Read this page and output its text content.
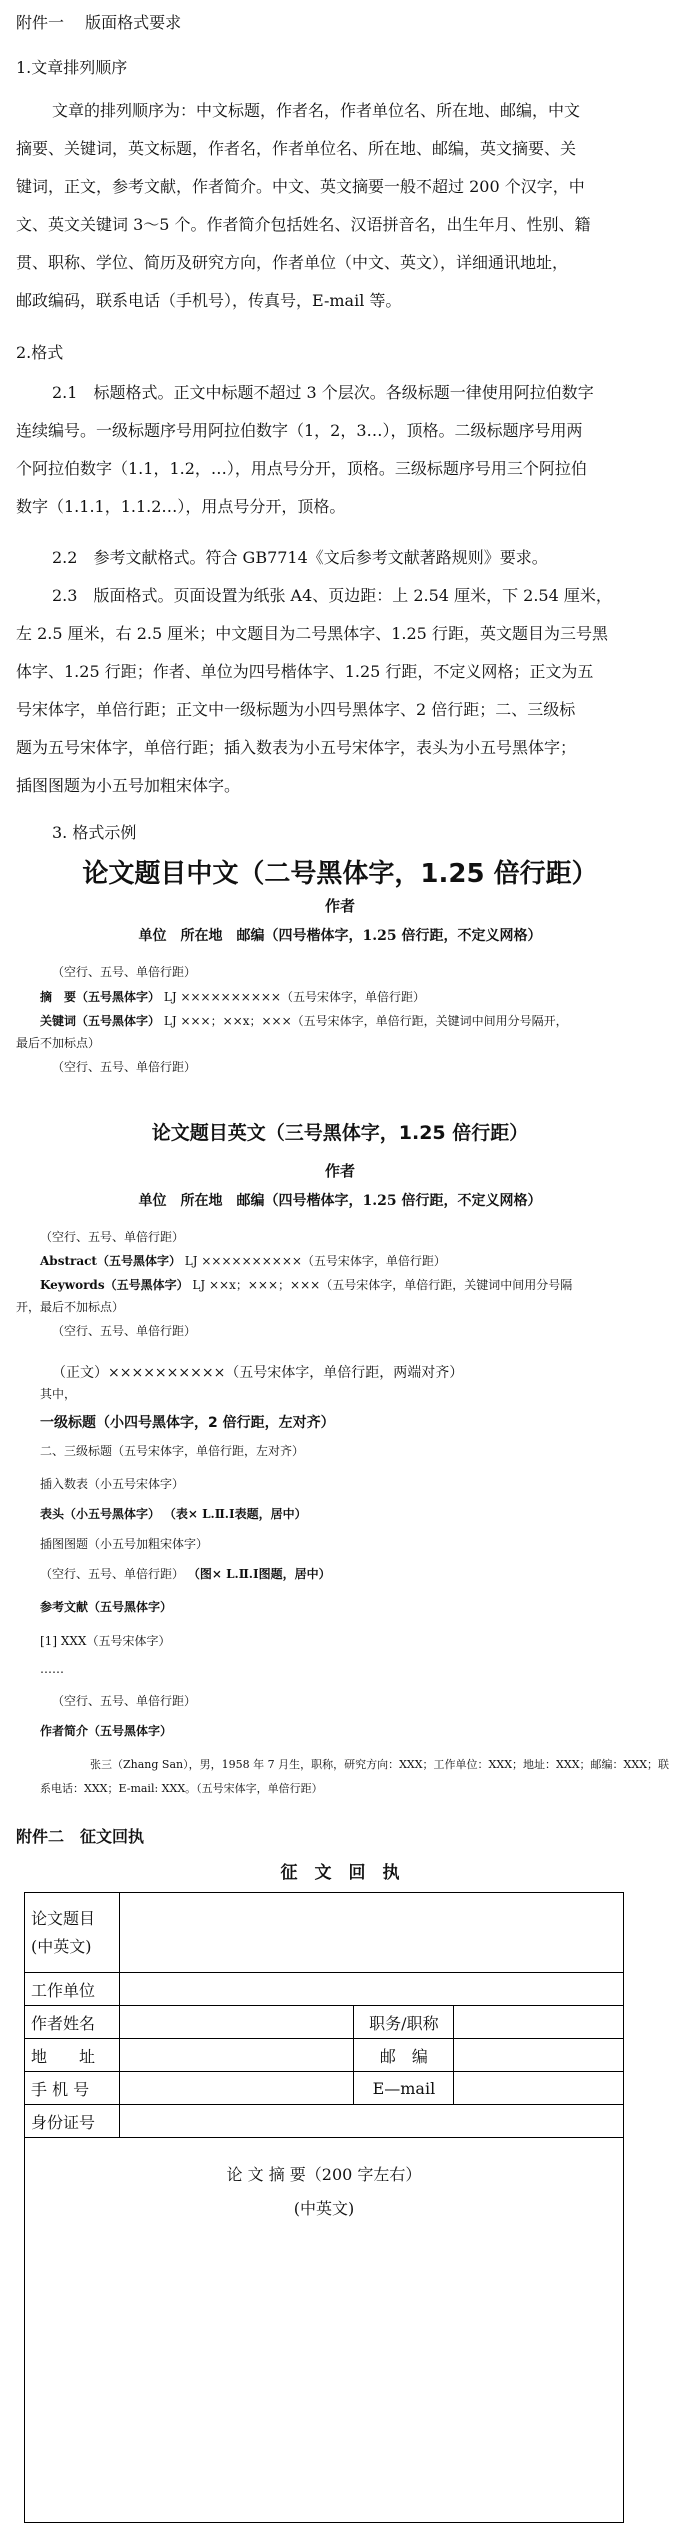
附件一　 版面格式要求
1.文章排列顺序
文章的排列顺序为：中文标题，作者名，作者单位名、所在地、邮编，中文
摘要、关键词，英文标题，作者名，作者单位名、所在地、邮编，英文摘要、关
键词，正文，参考文献，作者简介。中文、英文摘要一般不超过 200 个汉字，中
文、英文关键词 3～5 个。作者简介包括姓名、汉语拼音名，出生年月、性别、籍
贯、职称、学位、简历及研究方向，作者单位（中文、英文），详细通讯地址，
邮政编码，联系电话（手机号），传真号，E-mail 等。
2.格式
2.1　标题格式。正文中标题不超过 3 个层次。各级标题一律使用阿拉伯数字
连续编号。一级标题序号用阿拉伯数字（1，2，3…），顶格。二级标题序号用两
个阿拉伯数字（1.1，1.2，…），用点号分开，顶格。三级标题序号用三个阿拉伯
数字（1.1.1，1.1.2…），用点号分开，顶格。
2.2　参考文献格式。符合 GB7714《文后参考文献著路规则》要求。
2.3　版面格式。页面设置为纸张 A4、页边距：上 2.54 厘米，下 2.54 厘米，
左 2.5 厘米，右 2.5 厘米；中文题目为二号黑体字、1.25 行距，英文题目为三号黑
体字、1.25 行距；作者、单位为四号楷体字、1.25 行距，不定义网格；正文为五
号宋体字，单倍行距；正文中一级标题为小四号黑体字、2 倍行距；二、三级标
题为五号宋体字，单倍行距；插入数表为小五号宋体字，表头为小五号黑体字；
插图图题为小五号加粗宋体字。
3. 格式示例
论文题目中文（二号黑体字，1.25 倍行距）
作者
单位　所在地　邮编（四号楷体字，1.25 倍行距，不定义网格）
（空行、五号、单倍行距）
摘　要（五号黑体字） LJ ××××××××××（五号宋体字，单倍行距）
关键词（五号黑体字） LJ ×××；××ⅹ；×××（五号宋体字，单倍行距，关键词中间用分号隔开，
最后不加标点）
（空行、五号、单倍行距）
论文题目英文（三号黑体字，1.25 倍行距）
作者
单位　所在地　邮编（四号楷体字，1.25 倍行距，不定义网格）
（空行、五号、单倍行距）
Abstract（五号黑体字） LJ ××××××××××（五号宋体字，单倍行距）
Keywords（五号黑体字） LJ ××ⅹ；×××；×××（五号宋体字，单倍行距，关键词中间用分号隔
开，最后不加标点）
（空行、五号、单倍行距）
（正文）××××××××××（五号宋体字，单倍行距，两端对齐）
其中，
一级标题（小四号黑体字，2 倍行距，左对齐）
二、三级标题（五号宋体字，单倍行距，左对齐）
插入数表（小五号宋体字）
表头（小五号黑体字） （表× L.Ⅱ.I表题，居中）
插图图题（小五号加粗宋体字）
（空行、五号、单倍行距） （图× L.Ⅱ.I图题，居中）
参考文献（五号黑体字）
[1] XXX（五号宋体字）
……
（空行、五号、单倍行距）
作者简介（五号黑体字）
张三（Zhang San），男，1958 年 7 月生，职称，研究方向：XXX；工作单位：XXX；地址：XXX；邮编：XXX；联
系电话：XXX；E-mail: XXX。（五号宋体字，单倍行距）
附件二　征文回执
征　文　回　执
论文题目
(中英文)			

工作单位			
作者姓名		职务/职称	
地　　址		邮　编	
手 机 号		E—mail	
身份证号			

论 文 摘 要（200 字左右）
(中英文)			
